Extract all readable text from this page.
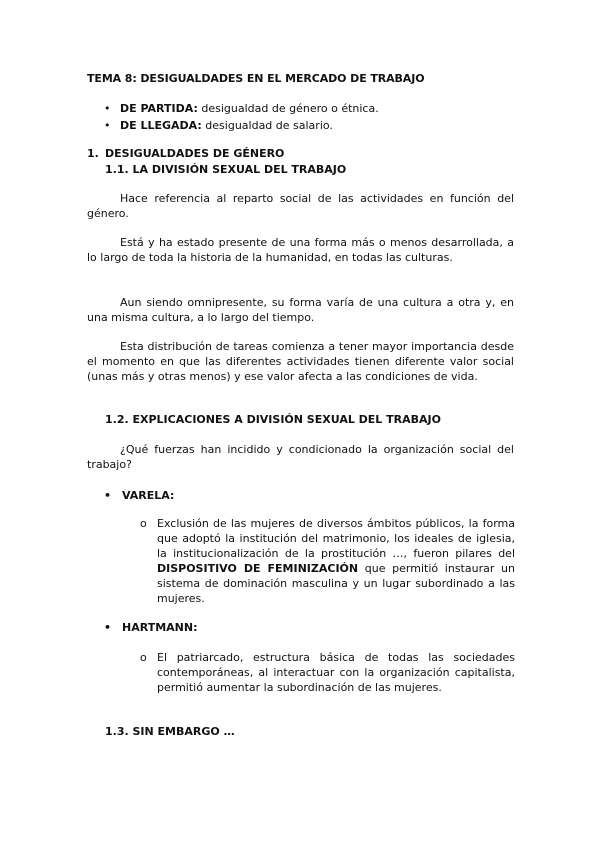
TEMA 8: DESIGUALDADES EN EL MERCADO DE TRABAJO
• DE PARTIDA: desigualdad de género o étnica.
• DE LLEGADA: desigualdad de salario.
1. DESIGUALDADES DE GÉNERO
1.1. LA DIVISIÓN SEXUAL DEL TRABAJO
Hace referencia al reparto social de las actividades en función del género.
Está y ha estado presente de una forma más o menos desarrollada, a lo largo de toda la historia de la humanidad, en todas las culturas.
Aun siendo omnipresente, su forma varía de una cultura a otra y, en una misma cultura, a lo largo del tiempo.
Esta distribución de tareas comienza a tener mayor importancia desde el momento en que las diferentes actividades tienen diferente valor social (unas más y otras menos) y ese valor afecta a las condiciones de vida.
1.2. EXPLICACIONES A DIVISIÓN SEXUAL DEL TRABAJO
¿Qué fuerzas han incidido y condicionado la organización social del trabajo?
• VARELA:
o Exclusión de las mujeres de diversos ámbitos públicos, la forma que adoptó la institución del matrimonio, los ideales de iglesia, la institucionalización de la prostitución …, fueron pilares del DISPOSITIVO DE FEMINIZACIÓN que permitió instaurar un sistema de dominación masculina y un lugar subordinado a las mujeres.
• HARTMANN:
o El patriarcado, estructura básica de todas las sociedades contemporáneas, al interactuar con la organización capitalista, permitió aumentar la subordinación de las mujeres.
1.3. SIN EMBARGO …
